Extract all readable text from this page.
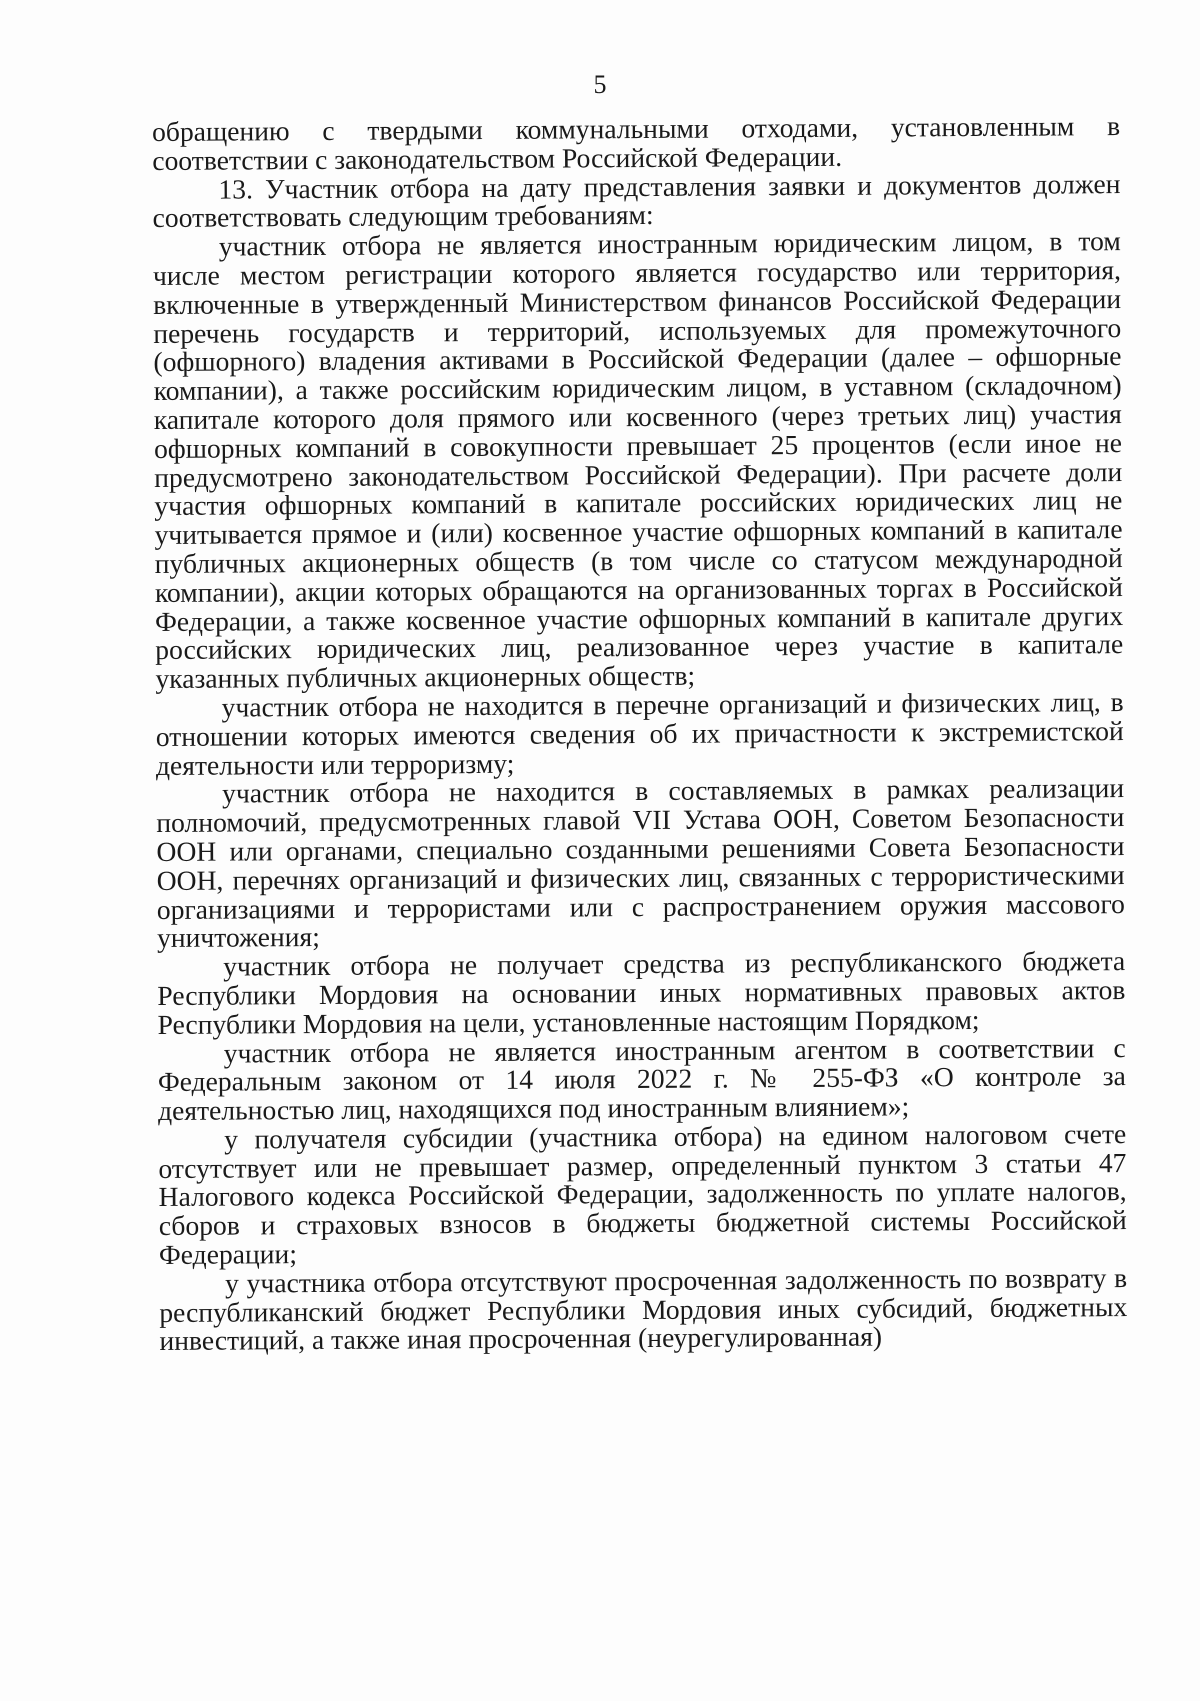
5

обращению с твердыми коммунальными отходами, установленным в соответствии с законодательством Российской Федерации.

13. Участник отбора на дату представления заявки и документов должен соответствовать следующим требованиям:

участник отбора не является иностранным юридическим лицом, в том числе местом регистрации которого является государство или территория, включенные в утвержденный Министерством финансов Российской Федерации перечень государств и территорий, используемых для промежуточного (офшорного) владения активами в Российской Федерации (далее – офшорные компании), а также российским юридическим лицом, в уставном (складочном) капитале которого доля прямого или косвенного (через третьих лиц) участия офшорных компаний в совокупности превышает 25 процентов (если иное не предусмотрено законодательством Российской Федерации). При расчете доли участия офшорных компаний в капитале российских юридических лиц не учитывается прямое и (или) косвенное участие офшорных компаний в капитале публичных акционерных обществ (в том числе со статусом международной компании), акции которых обращаются на организованных торгах в Российской Федерации, а также косвенное участие офшорных компаний в капитале других российских юридических лиц, реализованное через участие в капитале указанных публичных акционерных обществ;

участник отбора не находится в перечне организаций и физических лиц, в отношении которых имеются сведения об их причастности к экстремистской деятельности или терроризму;

участник отбора не находится в составляемых в рамках реализации полномочий, предусмотренных главой VII Устава ООН, Советом Безопасности ООН или органами, специально созданными решениями Совета Безопасности ООН, перечнях организаций и физических лиц, связанных с террористическими организациями и террористами или с распространением оружия массового уничтожения;

участник отбора не получает средства из республиканского бюджета Республики Мордовия на основании иных нормативных правовых актов Республики Мордовия на цели, установленные настоящим Порядком;

участник отбора не является иностранным агентом в соответствии с Федеральным законом от 14 июля 2022 г. № 255-ФЗ «О контроле за деятельностью лиц, находящихся под иностранным влиянием»;

у получателя субсидии (участника отбора) на едином налоговом счете отсутствует или не превышает размер, определенный пунктом 3 статьи 47 Налогового кодекса Российской Федерации, задолженность по уплате налогов, сборов и страховых взносов в бюджеты бюджетной системы Российской Федерации;

у участника отбора отсутствуют просроченная задолженность по возврату в республиканский бюджет Республики Мордовия иных субсидий, бюджетных инвестиций, а также иная просроченная (неурегулированная)
